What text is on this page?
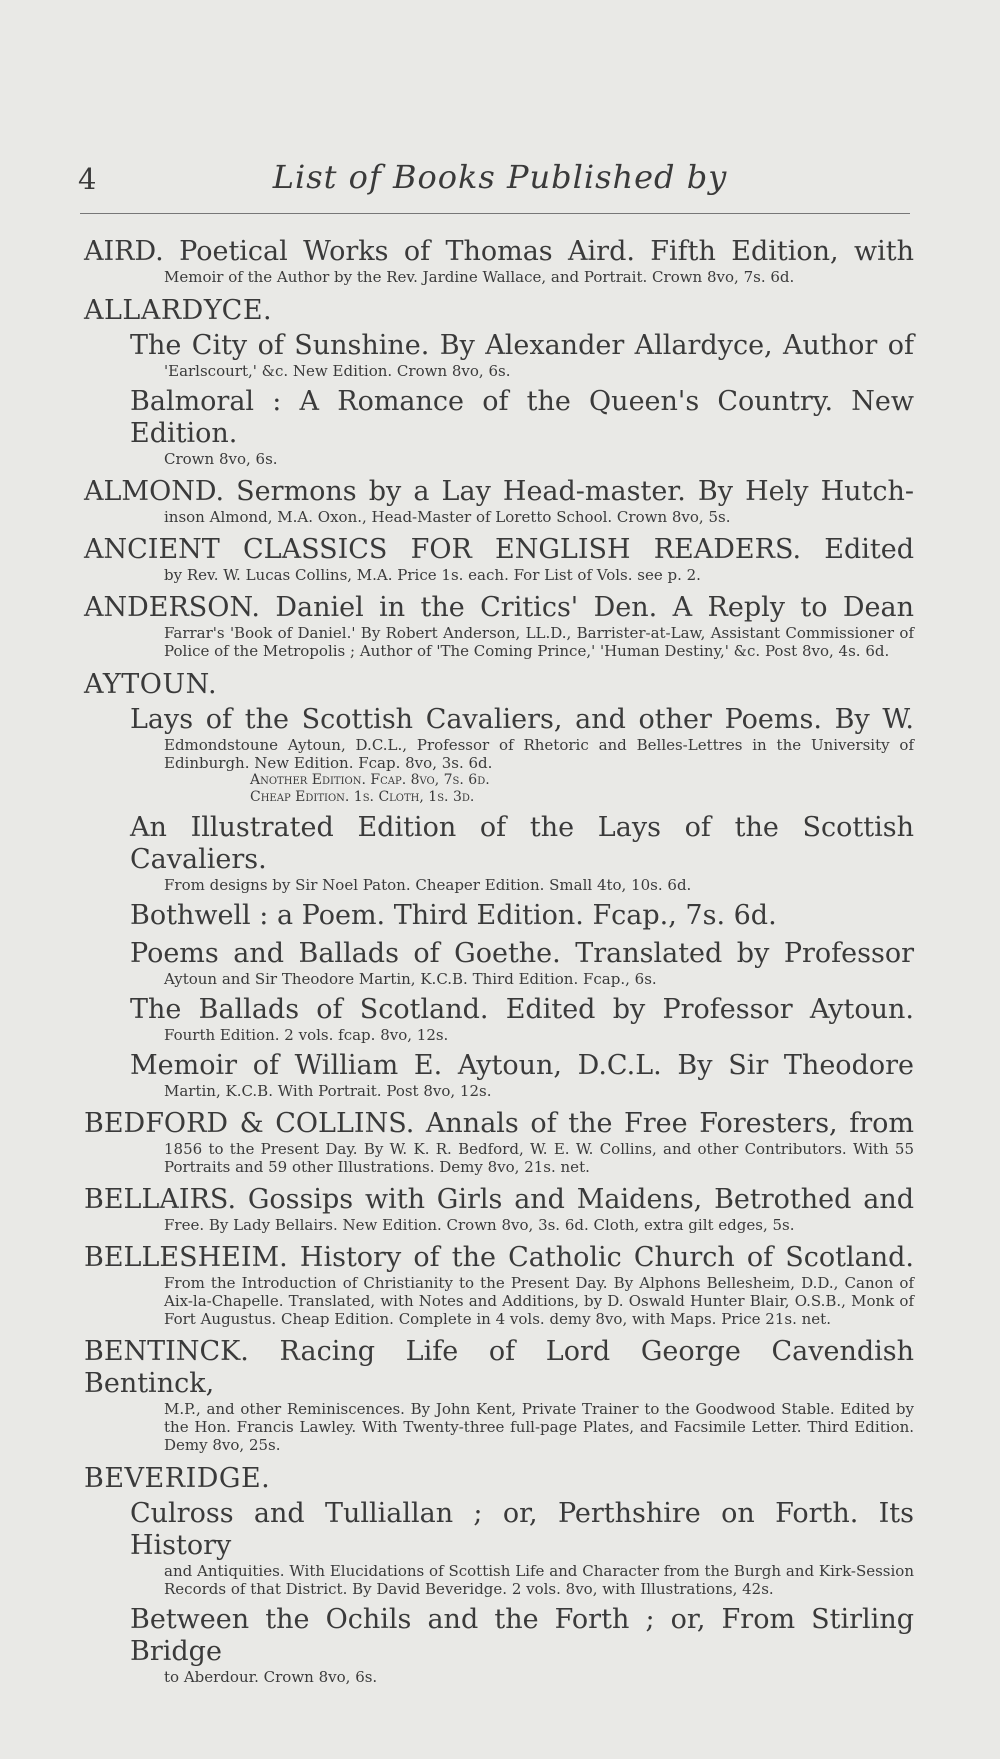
4	List of Books Published by
AIRD. Poetical Works of Thomas Aird. Fifth Edition, with
Memoir of the Author by the Rev. Jardine Wallace, and Portrait. Crown 8vo, 7s. 6d.
ALLARDYCE.
The City of Sunshine. By Alexander Allardyce, Author of
'Earlscourt,' &c. New Edition. Crown 8vo, 6s.
Balmoral : A Romance of the Queen's Country. New Edition.
Crown 8vo, 6s.
ALMOND. Sermons by a Lay Head-master. By Hely Hutch-
inson Almond, M.A. Oxon., Head-Master of Loretto School. Crown 8vo, 5s.
ANCIENT CLASSICS FOR ENGLISH READERS. Edited
by Rev. W. Lucas Collins, M.A. Price 1s. each. For List of Vols. see p. 2.
ANDERSON. Daniel in the Critics' Den. A Reply to Dean
Farrar's 'Book of Daniel.' By Robert Anderson, LL.D., Barrister-at-Law, Assistant Commissioner of Police of the Metropolis ; Author of 'The Coming Prince,' 'Human Destiny,' &c. Post 8vo, 4s. 6d.
AYTOUN.
Lays of the Scottish Cavaliers, and other Poems. By W.
Edmondstoune Aytoun, D.C.L., Professor of Rhetoric and Belles-Lettres in the University of Edinburgh. New Edition. Fcap. 8vo, 3s. 6d.
Another Edition. Fcap. 8vo, 7s. 6d.
Cheap Edition. 1s. Cloth, 1s. 3d.
An Illustrated Edition of the Lays of the Scottish Cavaliers.
From designs by Sir Noel Paton. Cheaper Edition. Small 4to, 10s. 6d.
Bothwell : a Poem. Third Edition. Fcap., 7s. 6d.
Poems and Ballads of Goethe. Translated by Professor
Aytoun and Sir Theodore Martin, K.C.B. Third Edition. Fcap., 6s.
The Ballads of Scotland. Edited by Professor Aytoun.
Fourth Edition. 2 vols. fcap. 8vo, 12s.
Memoir of William E. Aytoun, D.C.L. By Sir Theodore
Martin, K.C.B. With Portrait. Post 8vo, 12s.
BEDFORD & COLLINS. Annals of the Free Foresters, from
1856 to the Present Day. By W. K. R. Bedford, W. E. W. Collins, and other Contributors. With 55 Portraits and 59 other Illustrations. Demy 8vo, 21s. net.
BELLAIRS. Gossips with Girls and Maidens, Betrothed and
Free. By Lady Bellairs. New Edition. Crown 8vo, 3s. 6d. Cloth, extra gilt edges, 5s.
BELLESHEIM. History of the Catholic Church of Scotland.
From the Introduction of Christianity to the Present Day. By Alphons Bellesheim, D.D., Canon of Aix-la-Chapelle. Translated, with Notes and Additions, by D. Oswald Hunter Blair, O.S.B., Monk of Fort Augustus. Cheap Edition. Complete in 4 vols. demy 8vo, with Maps. Price 21s. net.
BENTINCK. Racing Life of Lord George Cavendish Bentinck,
M.P., and other Reminiscences. By John Kent, Private Trainer to the Goodwood Stable. Edited by the Hon. Francis Lawley. With Twenty-three full-page Plates, and Facsimile Letter. Third Edition. Demy 8vo, 25s.
BEVERIDGE.
Culross and Tulliallan ; or, Perthshire on Forth. Its History
and Antiquities. With Elucidations of Scottish Life and Character from the Burgh and Kirk-Session Records of that District. By David Beveridge. 2 vols. 8vo, with Illustrations, 42s.
Between the Ochils and the Forth ; or, From Stirling Bridge
to Aberdour. Crown 8vo, 6s.
